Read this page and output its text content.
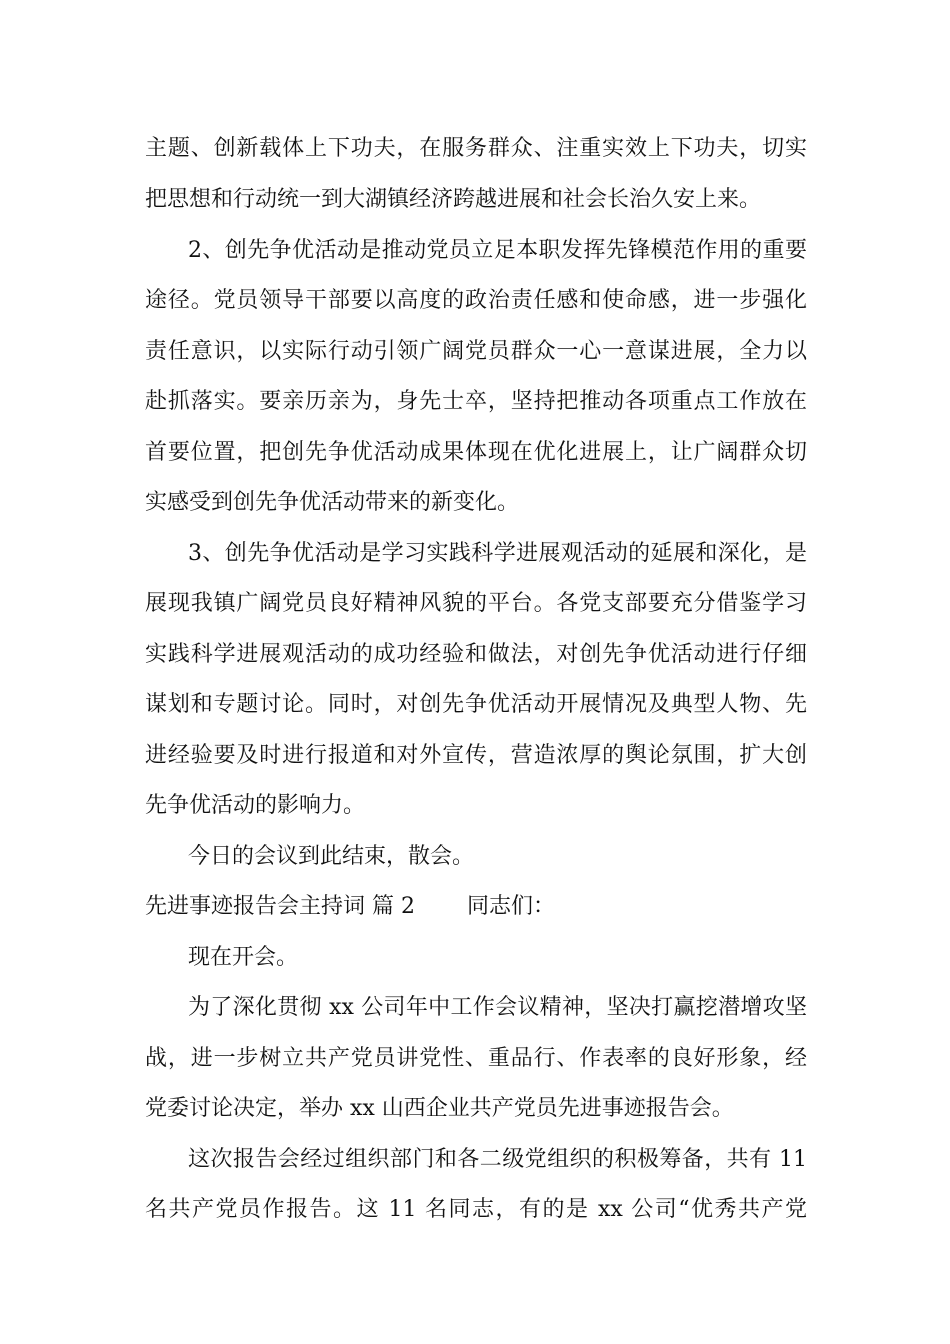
主题、创新载体上下功夫，在服务群众、注重实效上下功夫，切实
把思想和行动统一到大湖镇经济跨越进展和社会长治久安上来。
2、创先争优活动是推动党员立足本职发挥先锋模范作用的重要
途径。党员领导干部要以高度的政治责任感和使命感，进一步强化
责任意识，以实际行动引领广阔党员群众一心一意谋进展，全力以
赴抓落实。要亲历亲为，身先士卒，坚持把推动各项重点工作放在
首要位置，把创先争优活动成果体现在优化进展上，让广阔群众切
实感受到创先争优活动带来的新变化。
3、创先争优活动是学习实践科学进展观活动的延展和深化，是
展现我镇广阔党员良好精神风貌的平台。各党支部要充分借鉴学习
实践科学进展观活动的成功经验和做法，对创先争优活动进行仔细
谋划和专题讨论。同时，对创先争优活动开展情况及典型人物、先
进经验要及时进行报道和对外宣传，营造浓厚的舆论氛围，扩大创
先争优活动的影响力。
今日的会议到此结束，散会。
先进事迹报告会主持词 篇 2 同志们：
现在开会。
为了深化贯彻 xx 公司年中工作会议精神，坚决打赢挖潜增攻坚
战，进一步树立共产党员讲党性、重品行、作表率的良好形象，经
党委讨论决定，举办 xx 山西企业共产党员先进事迹报告会。
这次报告会经过组织部门和各二级党组织的积极筹备，共有 11
名共产党员作报告。这 11 名同志，有的是 xx 公司“优秀共产党
